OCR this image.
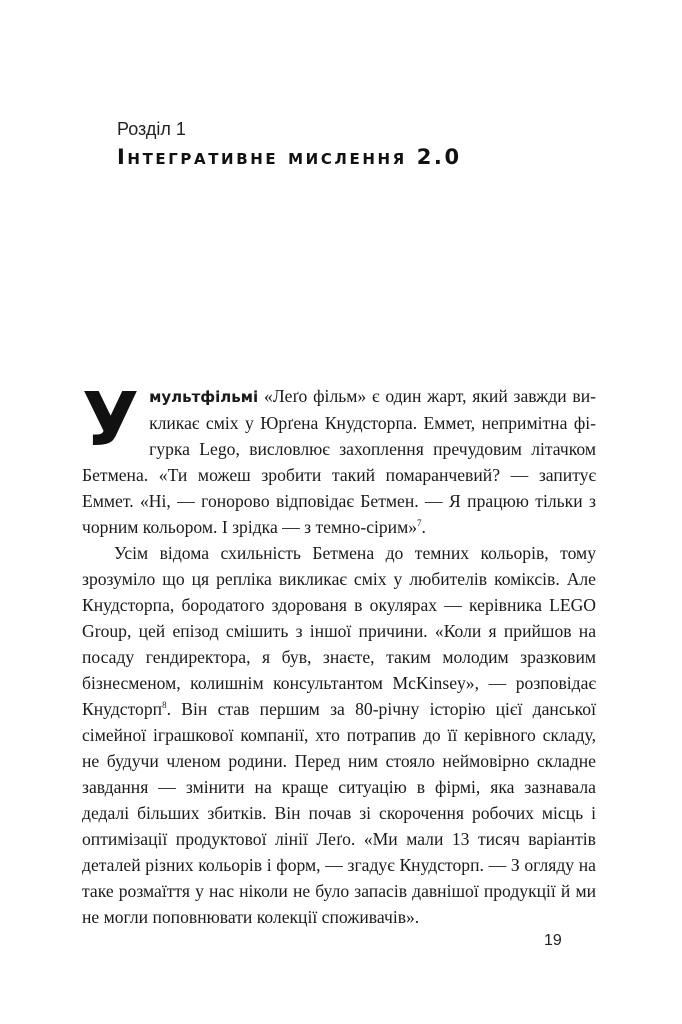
Розділ 1
Інтегративне мислення 2.0

Умультфільмі «Леґо фільм» є один жарт, який завжди викликає сміх у Юрґена Кнудсторпа. Еммет, непримітна фігурка Lego, висловлює захоплення пречудовим літачком Бетмена. «Ти можеш зробити такий помаранчевий? — запитує Еммет. «Ні, — гоноровo відповідає Бетмен. — Я працюю тільки з чорним кольором. І зрідка — з темно-сірим»$^7$.

Усім відома схильність Бетмена до темних кольорів, тому зрозуміло що ця репліка викликає сміх у любителів коміксів. Але Кнудсторпа, бородатого здорованя в окулярах — керівника LEGO Group, цей епізод смішить з іншої причини. «Коли я прийшов на посаду гендиректора, я був, знаєте, таким молодим зразковим бізнесменом, колишнім консультантом McKinsey», — розповідає Кнудсторп$^8$. Він став першим за 80-річну історію цієї данської сімейної іграшкової компанії, хто потрапив до її керівного складу, не будучи членом родини. Перед ним стояло неймовірно складне завдання — змінити на краще ситуацію в фірмі, яка зазнавала дедалі більших збитків. Він почав зі скорочення робочих місць і оптимізації продуктової лінії Леґо. «Ми мали 13 тисяч варіантів деталей різних кольорів і форм, — згадує Кнудсторп. — З огляду на таке розмаїття у нас ніколи не було запасів давнішої продукції й ми не могли поповнювати колекції споживачів».

19
